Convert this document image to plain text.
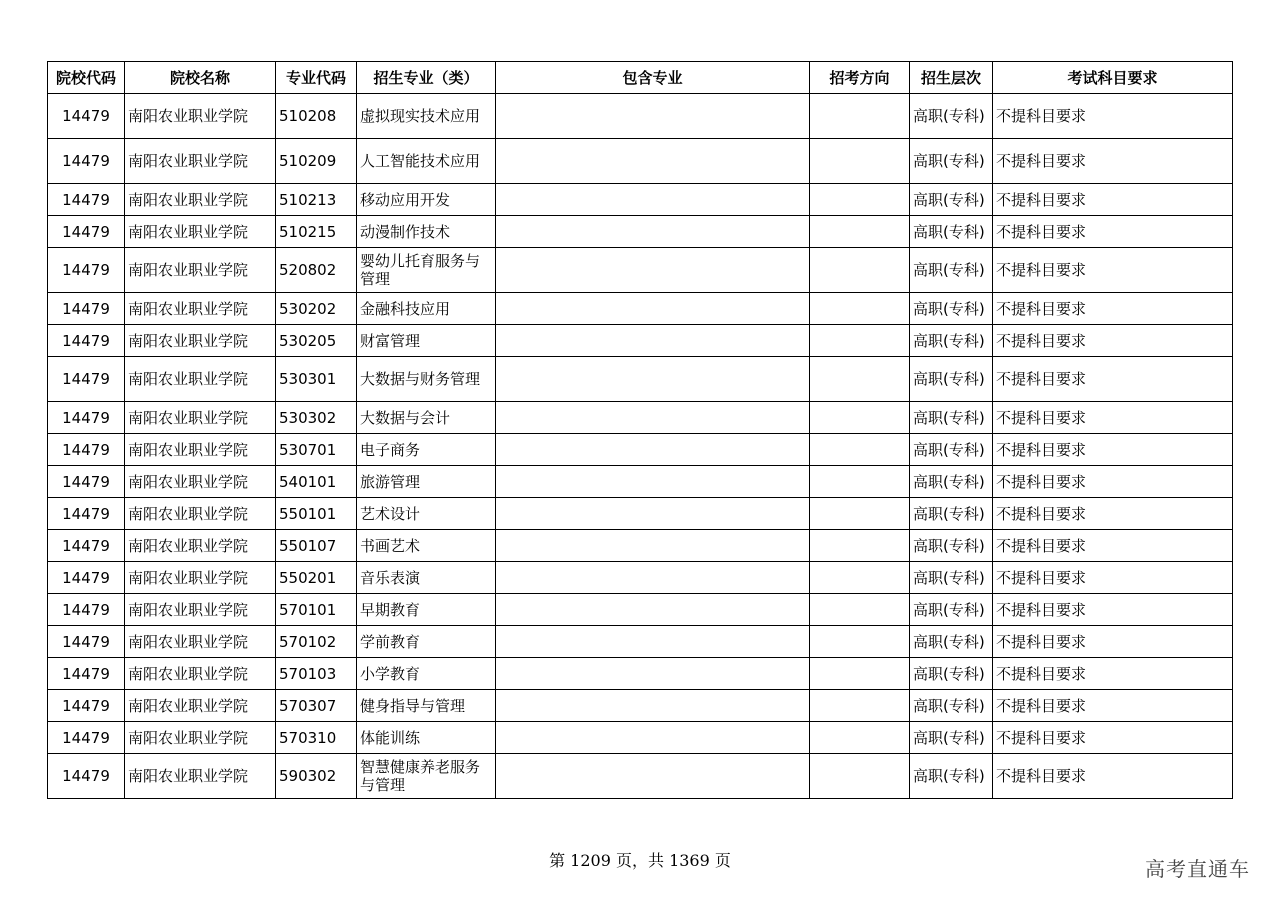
院校代码	院校名称	专业代码	招生专业（类）	包含专业	招考方向	招生层次	考试科目要求
14479	南阳农业职业学院	510208	虚拟现实技术应用			高职(专科)	不提科目要求
14479	南阳农业职业学院	510209	人工智能技术应用			高职(专科)	不提科目要求
14479	南阳农业职业学院	510213	移动应用开发			高职(专科)	不提科目要求
14479	南阳农业职业学院	510215	动漫制作技术			高职(专科)	不提科目要求
14479	南阳农业职业学院	520802	婴幼儿托育服务与管理			高职(专科)	不提科目要求
14479	南阳农业职业学院	530202	金融科技应用			高职(专科)	不提科目要求
14479	南阳农业职业学院	530205	财富管理			高职(专科)	不提科目要求
14479	南阳农业职业学院	530301	大数据与财务管理			高职(专科)	不提科目要求
14479	南阳农业职业学院	530302	大数据与会计			高职(专科)	不提科目要求
14479	南阳农业职业学院	530701	电子商务			高职(专科)	不提科目要求
14479	南阳农业职业学院	540101	旅游管理			高职(专科)	不提科目要求
14479	南阳农业职业学院	550101	艺术设计			高职(专科)	不提科目要求
14479	南阳农业职业学院	550107	书画艺术			高职(专科)	不提科目要求
14479	南阳农业职业学院	550201	音乐表演			高职(专科)	不提科目要求
14479	南阳农业职业学院	570101	早期教育			高职(专科)	不提科目要求
14479	南阳农业职业学院	570102	学前教育			高职(专科)	不提科目要求
14479	南阳农业职业学院	570103	小学教育			高职(专科)	不提科目要求
14479	南阳农业职业学院	570307	健身指导与管理			高职(专科)	不提科目要求
14479	南阳农业职业学院	570310	体能训练			高职(专科)	不提科目要求
14479	南阳农业职业学院	590302	智慧健康养老服务与管理			高职(专科)	不提科目要求
第 1209 页，共 1369 页	高考直通车
